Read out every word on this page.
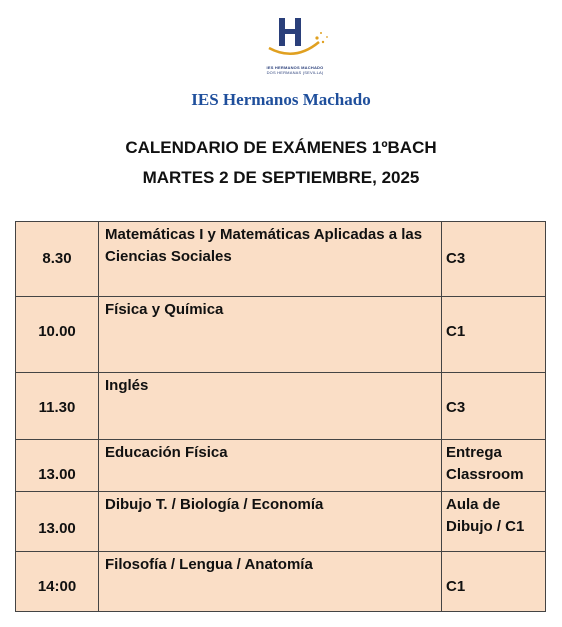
IES HERMANOS MACHADO
DOS HERMANAS (SEVILLA)
IES Hermanos Machado
CALENDARIO DE EXÁMENES 1ºBACH
MARTES 2 DE SEPTIEMBRE, 2025
8.30	Matemáticas I y Matemáticas Aplicadas a las Ciencias Sociales	C3

10.00	Física y Química	C1

11.30	Inglés	C3

13.00	Educación Física	Entrega Classroom

13.00	Dibujo T. / Biología / Economía	Aula de Dibujo / C1

14:00	Filosofía / Lengua / Anatomía	C1
